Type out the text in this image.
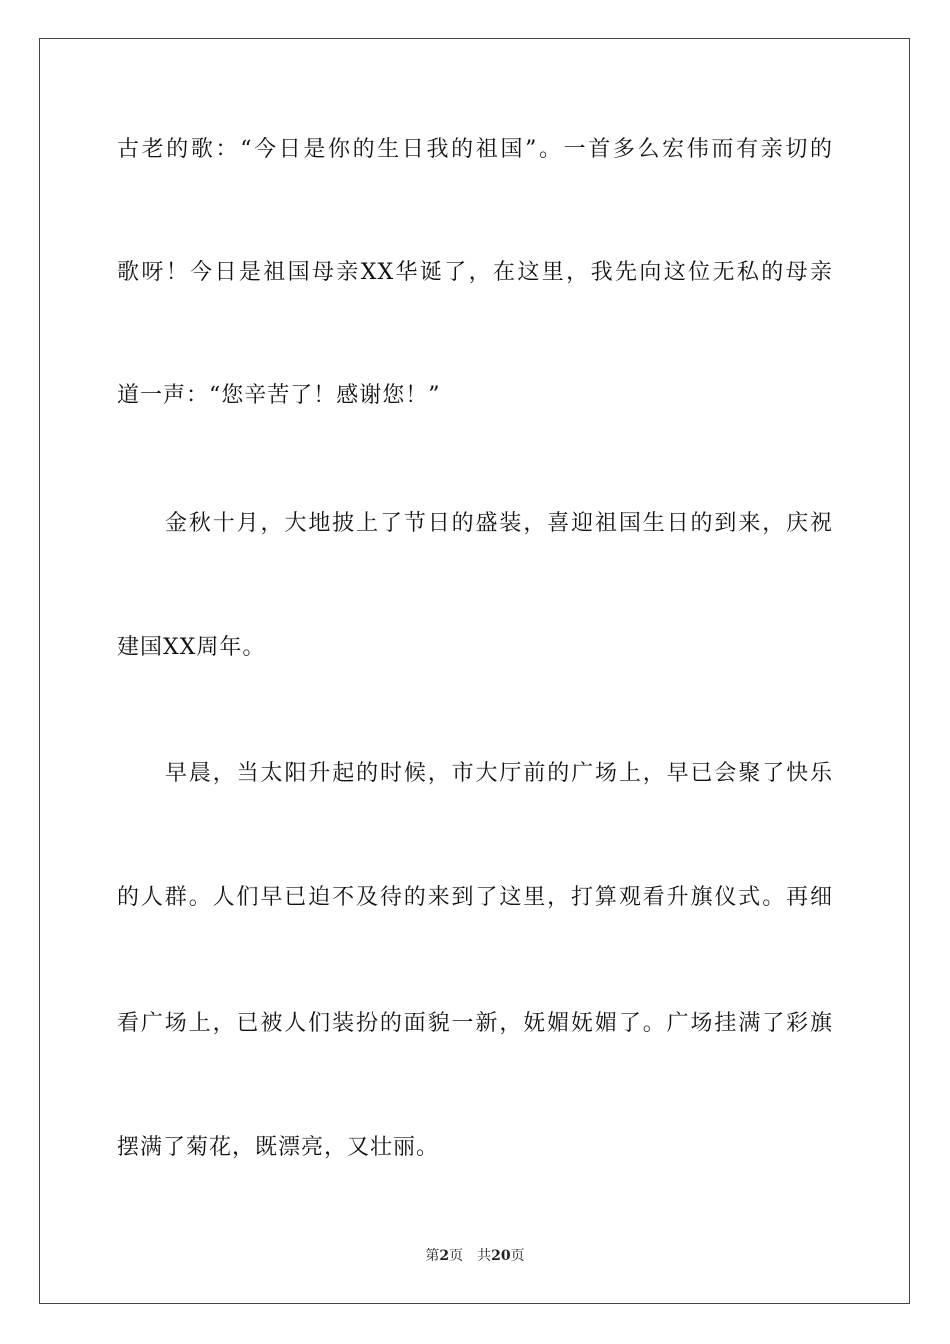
古老的歌：“今日是你的生日我的祖国”。一首多么宏伟而有亲切的
歌呀！今日是祖国母亲XX华诞了，在这里，我先向这位无私的母亲
道一声：“您辛苦了！感谢您！”
金秋十月，大地披上了节日的盛装，喜迎祖国生日的到来，庆祝
建国XX周年。
早晨，当太阳升起的时候，市大厅前的广场上，早已会聚了快乐
的人群。人们早已迫不及待的来到了这里，打算观看升旗仪式。再细
看广场上，已被人们装扮的面貌一新，妩媚妩媚了。广场挂满了彩旗
摆满了菊花，既漂亮，又壮丽。
第2页 共20页
